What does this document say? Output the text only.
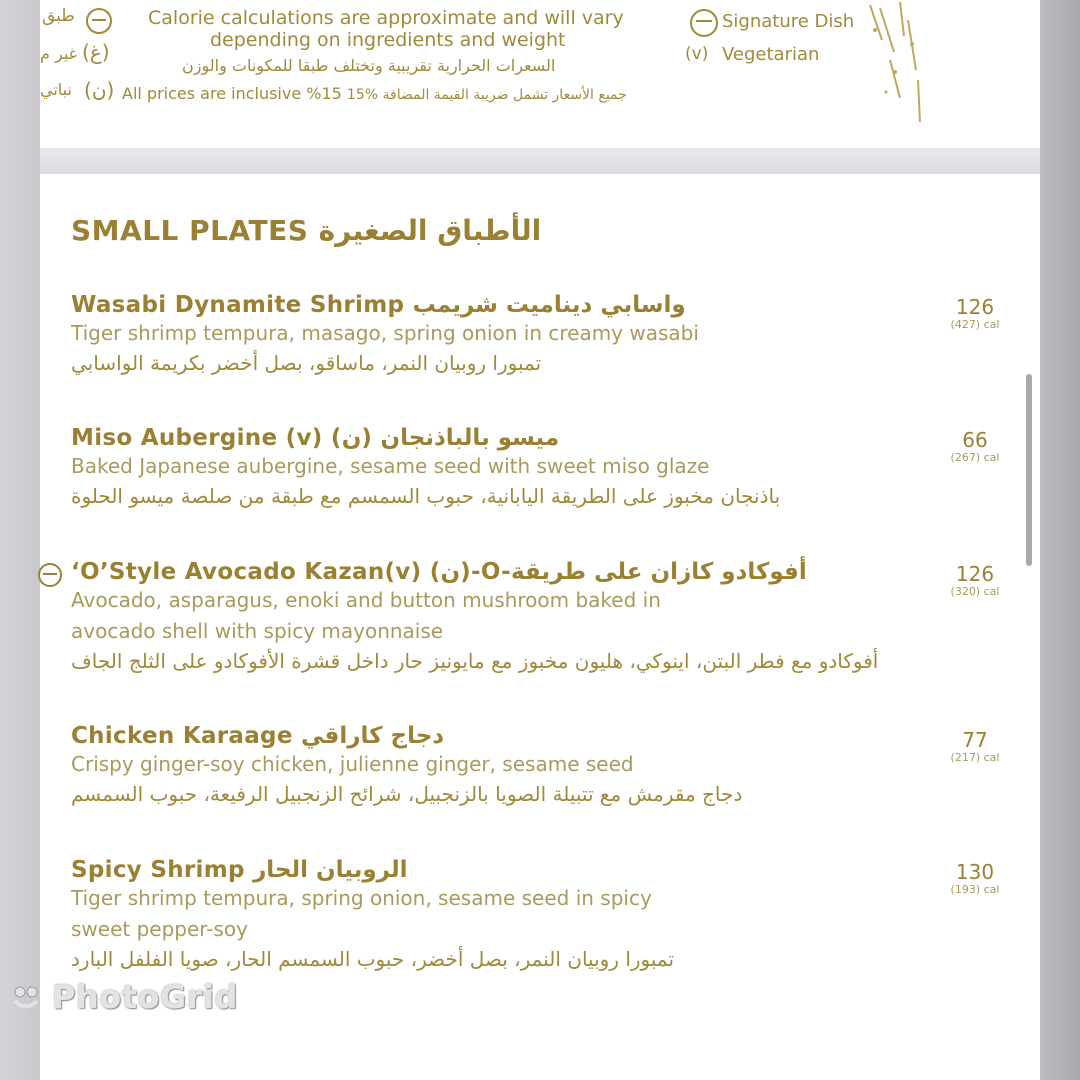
طبق
(غ)
غير م
(ن)
نباتي
Calorie calculations are approximate and will vary
depending on ingredients and weight
السعرات الحرارية تقريبية وتختلف طبقا للمكونات والوزن
All prices are inclusive %15 جميع الأسعار تشمل ضريبة القيمة المضافة %15
Signature Dish
(v) Vegetarian
SMALL PLATES الأطباق الصغيرة
Wasabi Dynamite Shrimp واسابي ديناميت شريمب
Tiger shrimp tempura, masago, spring onion in creamy wasabi
تمبورا روبيان النمر، ماساقو، بصل أخضر بكريمة الواسابي
126
(427) cal
Miso Aubergine (v) (ن) ميسو بالباذنجان
Baked Japanese aubergine, sesame seed with sweet miso glaze
باذنجان مخبوز على الطريقة اليابانية، حبوب السمسم مع طبقة من صلصة ميسو الحلوة
66
(267) cal
‘O’Style Avocado Kazan(v) (ن)-O-أفوكادو كازان على طريقة
Avocado, asparagus, enoki and button mushroom baked in
avocado shell with spicy mayonnaise
أفوكادو مع فطر البتن، اينوكي، هليون مخبوز مع مايونيز حار داخل قشرة الأفوكادو على الثلج الجاف
126
(320) cal
Chicken Karaage دجاج كاراقي
Crispy ginger-soy chicken, julienne ginger, sesame seed
دجاج مقرمش مع تتبيلة الصويا بالزنجبيل، شرائح الزنجبيل الرفيعة، حبوب السمسم
77
(217) cal
Spicy Shrimp الروبيان الحار
Tiger shrimp tempura, spring onion, sesame seed in spicy
sweet pepper-soy
تمبورا روبيان النمر، بصل أخضر، حبوب السمسم الحار، صويا الفلفل البارد
130
(193) cal
PhotoGrid
